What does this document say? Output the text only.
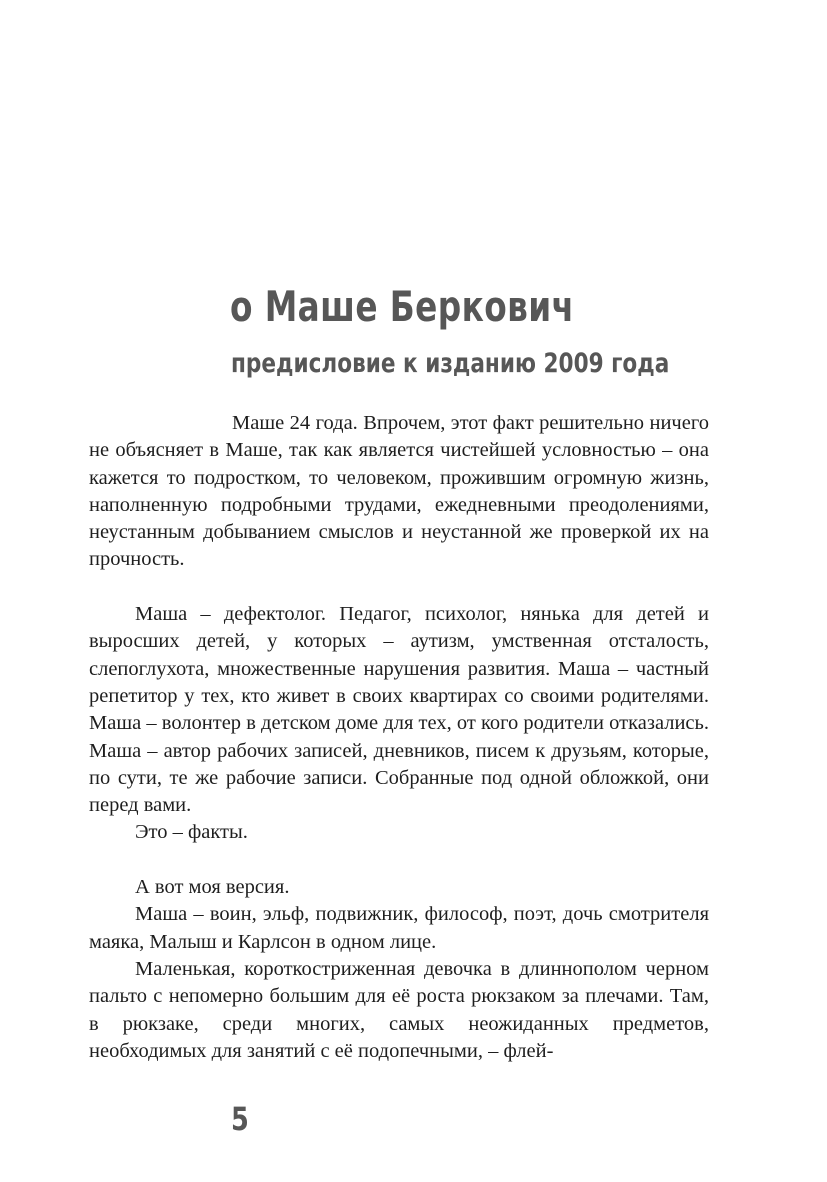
о Маше Беркович
предисловие к изданию 2009 года

Маше 24 года. Впрочем, этот факт решительно ничего не объясняет в Маше, так как является чистейшей условностью – она кажется то подростком, то человеком, прожившим огромную жизнь, наполненную подробными трудами, ежедневными преодолениями, неустанным добыванием смыслов и неустанной же проверкой их на прочность.

Маша – дефектолог. Педагог, психолог, нянька для детей и выросших детей, у которых – аутизм, умственная отсталость, слепоглухота, множественные нарушения развития. Маша – частный репетитор у тех, кто живет в своих квартирах со своими родителями. Маша – волонтер в детском доме для тех, от кого родители отказались. Маша – автор рабочих записей, дневников, писем к друзьям, которые, по сути, те же рабочие записи. Собранные под одной обложкой, они перед вами.

Это – факты.

А вот моя версия.

Маша – воин, эльф, подвижник, философ, поэт, дочь смотрителя маяка, Малыш и Карлсон в одном лице.

Маленькая, короткостриженная девочка в длиннополом черном пальто с непомерно большим для её роста рюкзаком за плечами. Там, в рюкзаке, среди многих, самых неожиданных предметов, необходимых для занятий с её подопечными, – флей-

5
